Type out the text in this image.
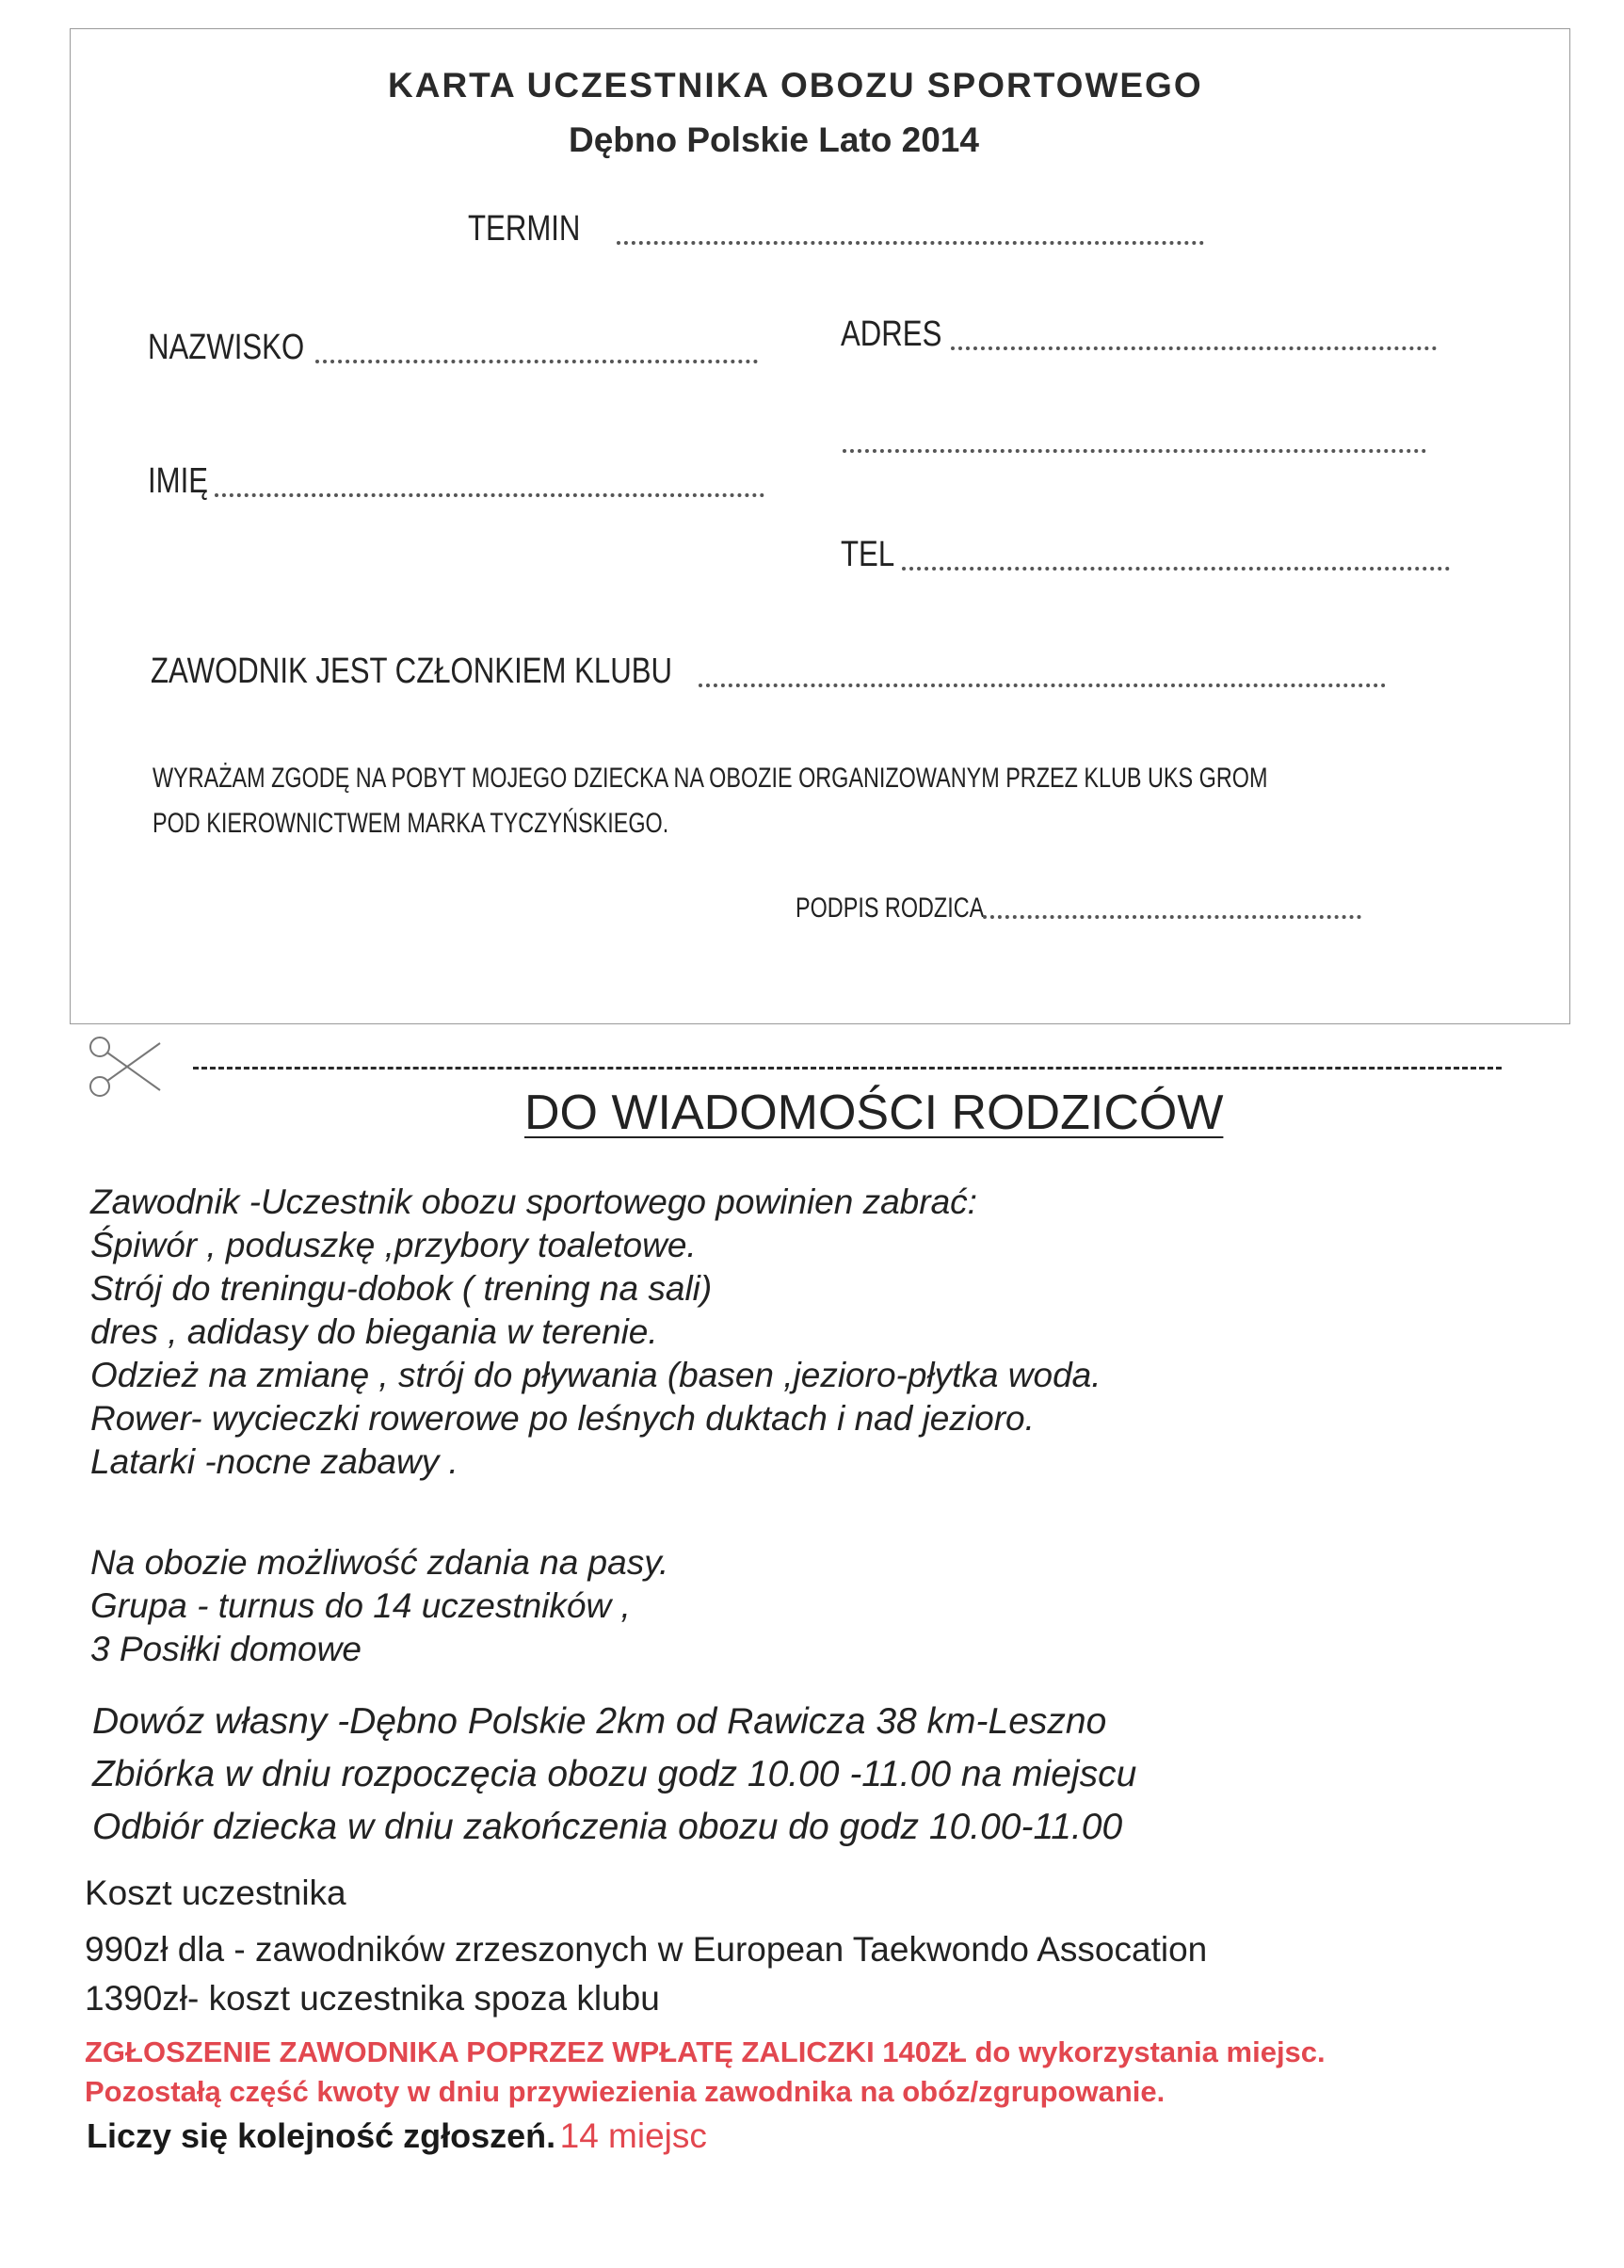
KARTA UCZESTNIKA OBOZU SPORTOWEGO
Dębno Polskie Lato 2014
TERMIN
NAZWISKO	ADRES
IMIĘ
TEL
ZAWODNIK JEST CZŁONKIEM KLUBU
WYRAŻAM ZGODĘ NA POBYT MOJEGO DZIECKA NA OBOZIE ORGANIZOWANYM PRZEZ KLUB UKS GROM
POD KIEROWNICTWEM MARKA TYCZYŃSKIEGO.
PODPIS RODZICA
DO WIADOMOŚCI RODZICÓW
Zawodnik -Uczestnik obozu sportowego powinien zabrać:
Śpiwór , poduszkę ,przybory toaletowe.
Strój do treningu-dobok ( trening na sali)
dres , adidasy do biegania w terenie.
Odzież na zmianę , strój do pływania (basen ,jezioro-płytka woda.
Rower- wycieczki rowerowe po leśnych duktach i nad jezioro.
Latarki -nocne zabawy .
Na obozie możliwość zdania na pasy.
Grupa - turnus do 14 uczestników ,
3 Posiłki domowe
Dowóz własny -Dębno Polskie 2km od Rawicza 38 km-Leszno
Zbiórka w dniu rozpoczęcia obozu godz 10.00 -11.00 na miejscu
Odbiór dziecka w dniu zakończenia obozu do godz 10.00-11.00
Koszt uczestnika
990zł dla - zawodników zrzeszonych w European Taekwondo Assocation
1390zł- koszt uczestnika spoza klubu
ZGŁOSZENIE ZAWODNIKA POPRZEZ WPŁATĘ ZALICZKI 140ZŁ do wykorzystania miejsc.
Pozostałą część kwoty w dniu przywiezienia zawodnika na obóz/zgrupowanie.
Liczy się kolejność zgłoszeń. 14 miejsc
